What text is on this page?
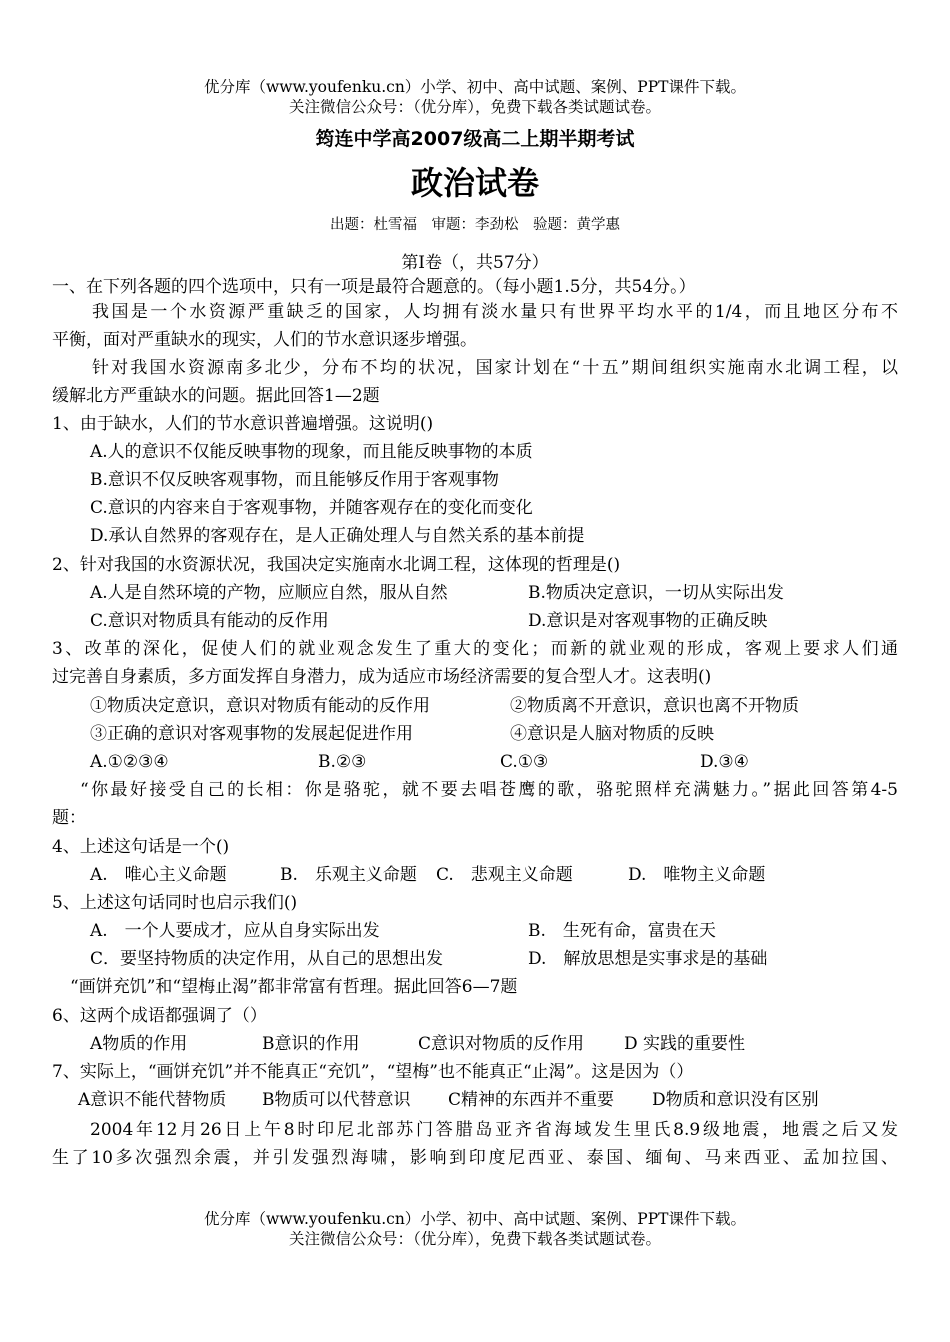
优分库（www.youfenku.cn）小学、初中、高中试题、案例、PPT课件下载。
关注微信公众号：（优分库），免费下载各类试题试卷。
筠连中学高2007级高二上期半期考试
政治试卷
出题：杜雪福　审题：李劲松　验题：黄学惠
第Ⅰ卷（，共57分）
一、在下列各题的四个选项中，只有一项是最符合题意的。（每小题1.5分，共54分。）
我国是一个水资源严重缺乏的国家，人均拥有淡水量只有世界平均水平的1/4，而且地区分布不
平衡，面对严重缺水的现实，人们的节水意识逐步增强。
针对我国水资源南多北少，分布不均的状况，国家计划在“十五”期间组织实施南水北调工程，以
缓解北方严重缺水的问题。据此回答1—2题
1、由于缺水，人们的节水意识普遍增强。这说明()
A.人的意识不仅能反映事物的现象，而且能反映事物的本质
B.意识不仅反映客观事物，而且能够反作用于客观事物
C.意识的内容来自于客观事物，并随客观存在的变化而变化
D.承认自然界的客观存在，是人正确处理人与自然关系的基本前提
2、针对我国的水资源状况，我国决定实施南水北调工程，这体现的哲理是()
A.人是自然环境的产物，应顺应自然，服从自然	B.物质决定意识，一切从实际出发
C.意识对物质具有能动的反作用	D.意识是对客观事物的正确反映
3、改革的深化，促使人们的就业观念发生了重大的变化；而新的就业观的形成，客观上要求人们通
过完善自身素质，多方面发挥自身潜力，成为适应市场经济需要的复合型人才。这表明()
①物质决定意识，意识对物质有能动的反作用	②物质离不开意识，意识也离不开物质
③正确的意识对客观事物的发展起促进作用	④意识是人脑对物质的反映
A.①②③④	B.②③	C.①③	D.③④
“你最好接受自己的长相：你是骆驼，就不要去唱苍鹰的歌，骆驼照样充满魅力。”据此回答第4-5
题：
4、上述这句话是一个()
A.　唯心主义命题	B.　乐观主义命题 C.　悲观主义命题	D.　唯物主义命题
5、上述这句话同时也启示我们()
A.　一个人要成才，应从自身实际出发	B.　生死有命，富贵在天
C．要坚持物质的决定作用，从自己的思想出发	D.　解放思想是实事求是的基础
“画饼充饥”和“望梅止渴”都非常富有哲理。据此回答6—7题
6、这两个成语都强调了（）
A物质的作用	B意识的作用	C意识对物质的反作用 D 实践的重要性
7、实际上，“画饼充饥”并不能真正“充饥”，“望梅”也不能真正“止渴”。这是因为（）
A意识不能代替物质 B物质可以代替意识 C精神的东西并不重要 D物质和意识没有区别
2004年12月26日上午8时印尼北部苏门答腊岛亚齐省海域发生里氏8.9级地震，地震之后又发
生了10多次强烈余震，并引发强烈海啸，影响到印度尼西亚、泰国、缅甸、马来西亚、孟加拉国、
优分库（www.youfenku.cn）小学、初中、高中试题、案例、PPT课件下载。
关注微信公众号：（优分库），免费下载各类试题试卷。
